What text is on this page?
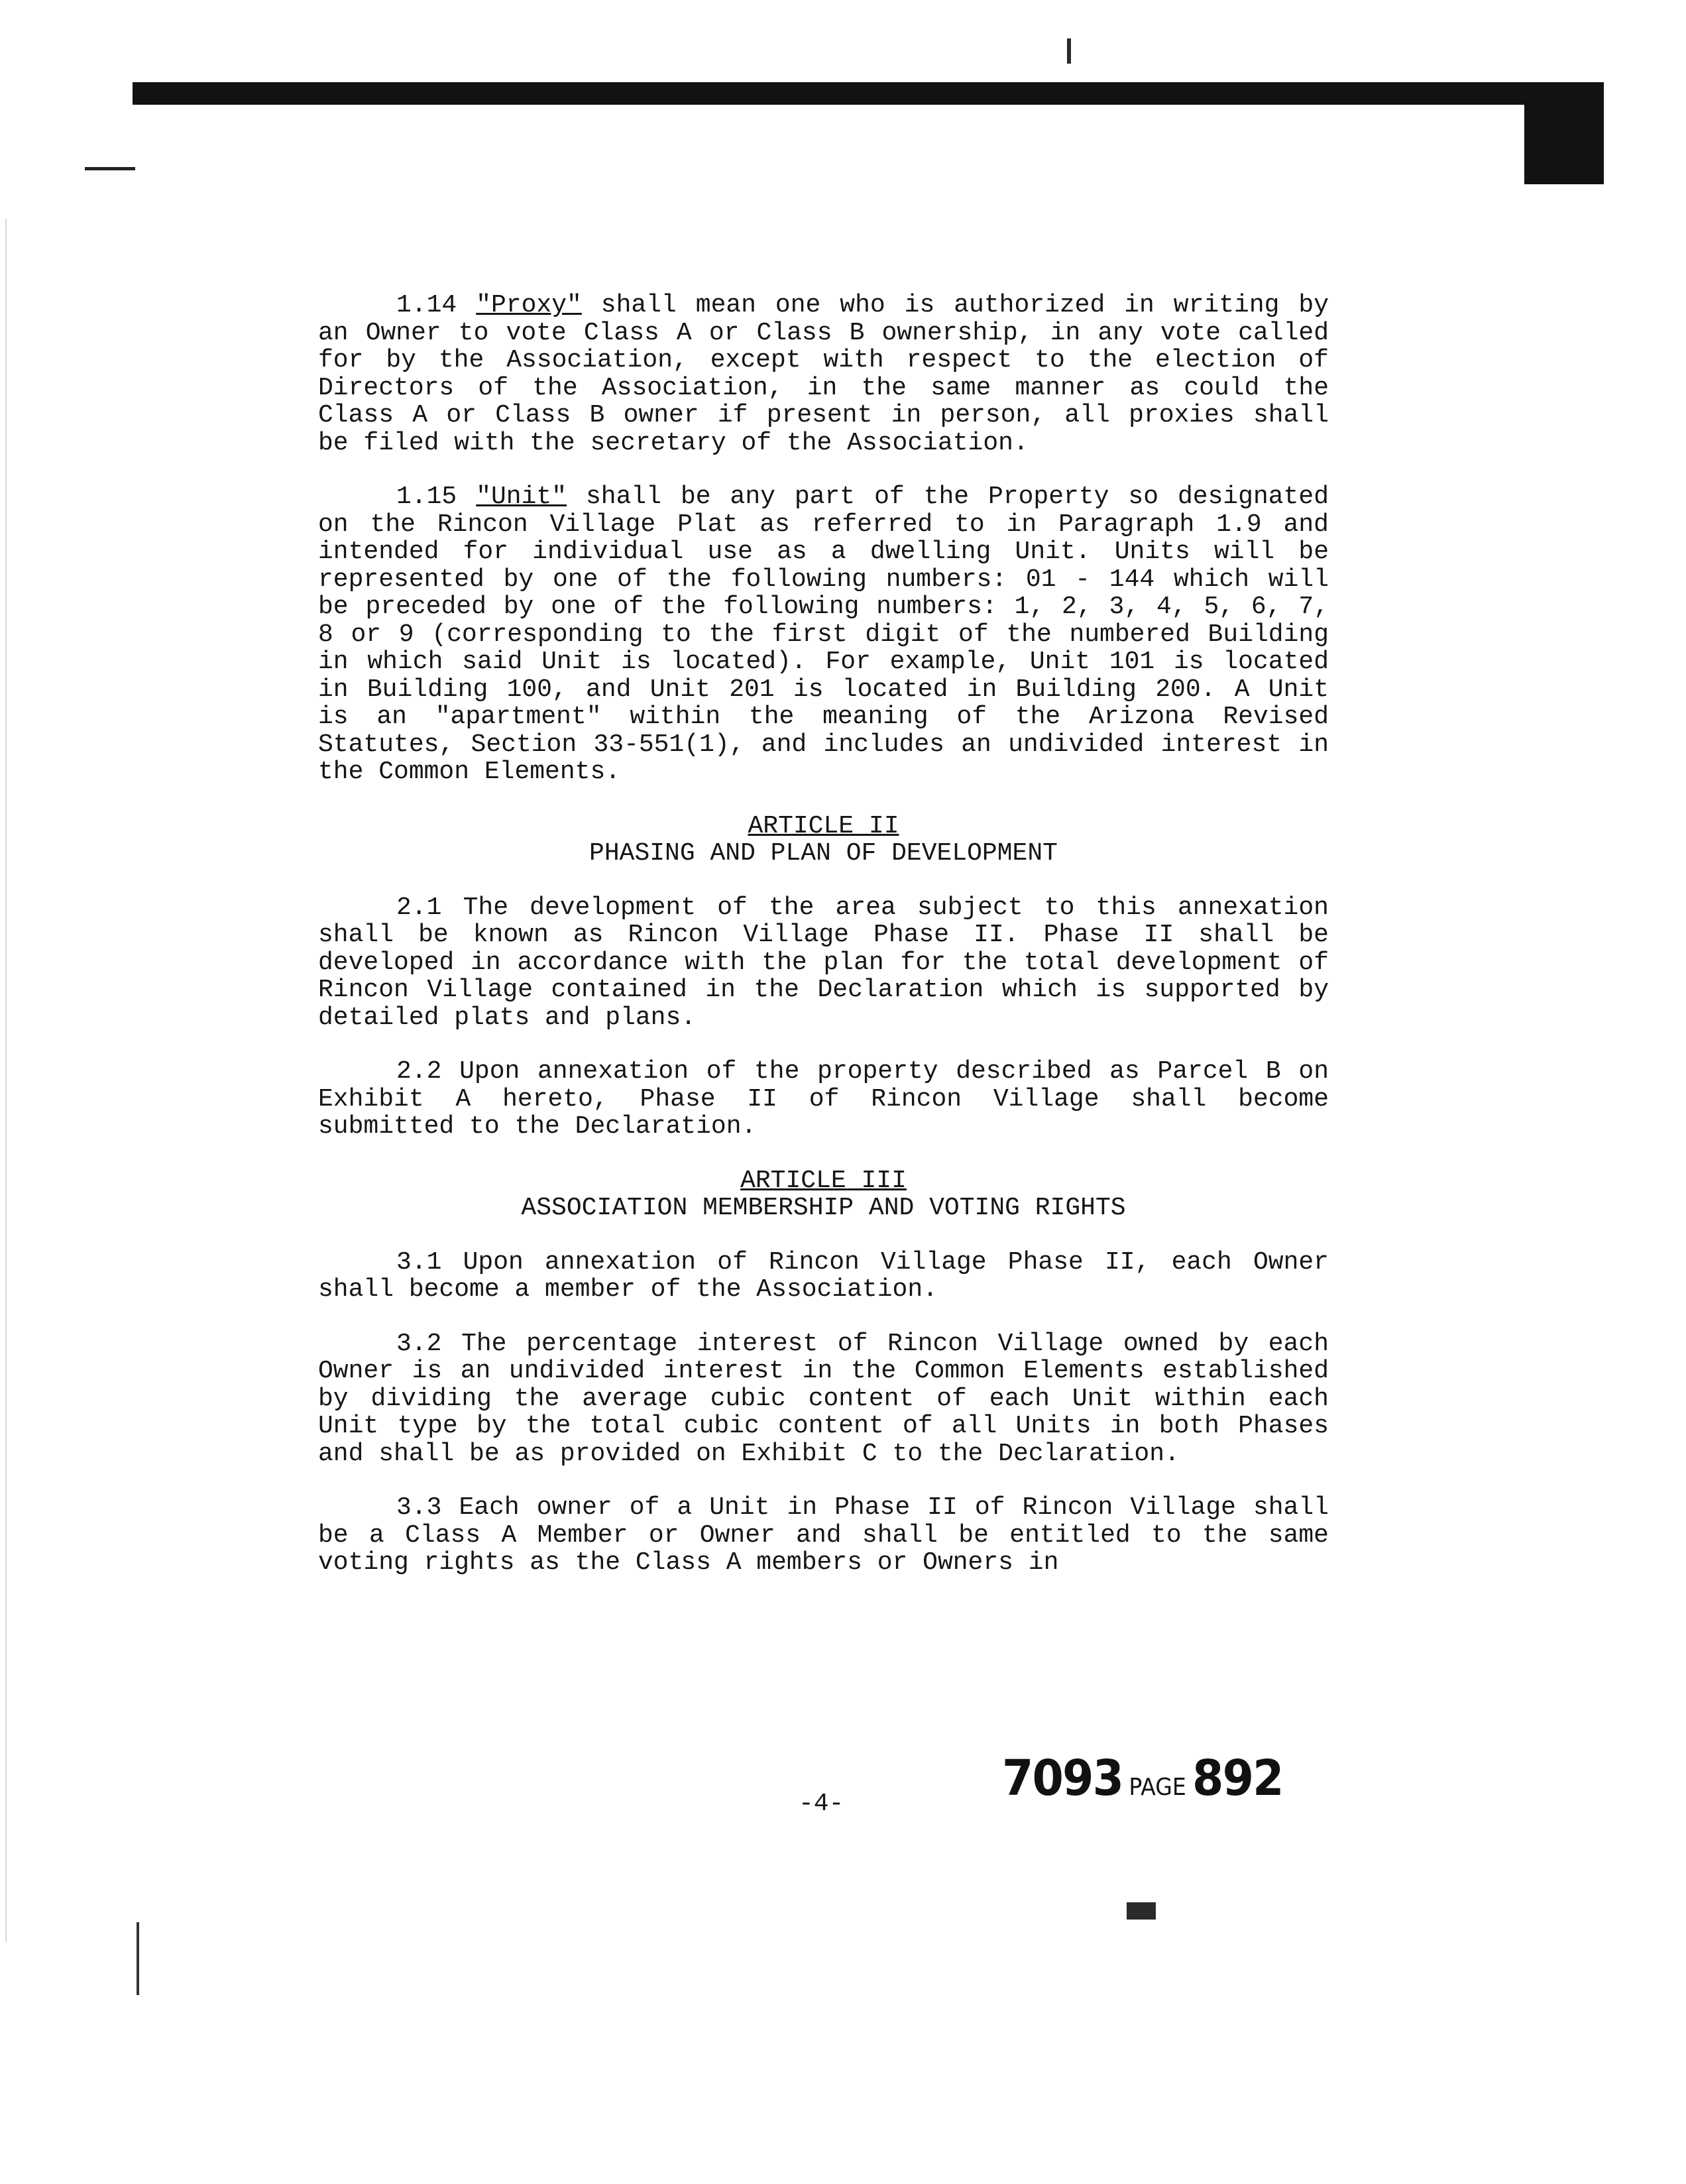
1.14 "Proxy" shall mean one who is authorized in writing by an Owner to vote Class A or Class B ownership, in any vote called for by the Association, except with respect to the election of Directors of the Association, in the same manner as could the Class A or Class B owner if present in person, all proxies shall be filed with the secretary of the Association.

1.15 "Unit" shall be any part of the Property so designated on the Rincon Village Plat as referred to in Paragraph 1.9 and intended for individual use as a dwelling Unit. Units will be represented by one of the following numbers: 01 - 144 which will be preceded by one of the following numbers: 1, 2, 3, 4, 5, 6, 7, 8 or 9 (corresponding to the first digit of the numbered Building in which said Unit is located). For example, Unit 101 is located in Building 100, and Unit 201 is located in Building 200. A Unit is an "apartment" within the meaning of the Arizona Revised Statutes, Section 33-551(1), and includes an undivided interest in the Common Elements.

ARTICLE II

PHASING AND PLAN OF DEVELOPMENT

2.1 The development of the area subject to this annexation shall be known as Rincon Village Phase II. Phase II shall be developed in accordance with the plan for the total development of Rincon Village contained in the Declaration which is supported by detailed plats and plans.

2.2 Upon annexation of the property described as Parcel B on Exhibit A hereto, Phase II of Rincon Village shall become submitted to the Declaration.

ARTICLE III

ASSOCIATION MEMBERSHIP AND VOTING RIGHTS

3.1 Upon annexation of Rincon Village Phase II, each Owner shall become a member of the Association.

3.2 The percentage interest of Rincon Village owned by each Owner is an undivided interest in the Common Elements established by dividing the average cubic content of each Unit within each Unit type by the total cubic content of all Units in both Phases and shall be as provided on Exhibit C to the Declaration.

3.3 Each owner of a Unit in Phase II of Rincon Village shall be a Class A Member or Owner and shall be entitled to the same voting rights as the Class A members or Owners in

-4-	7093 PAGE 892
